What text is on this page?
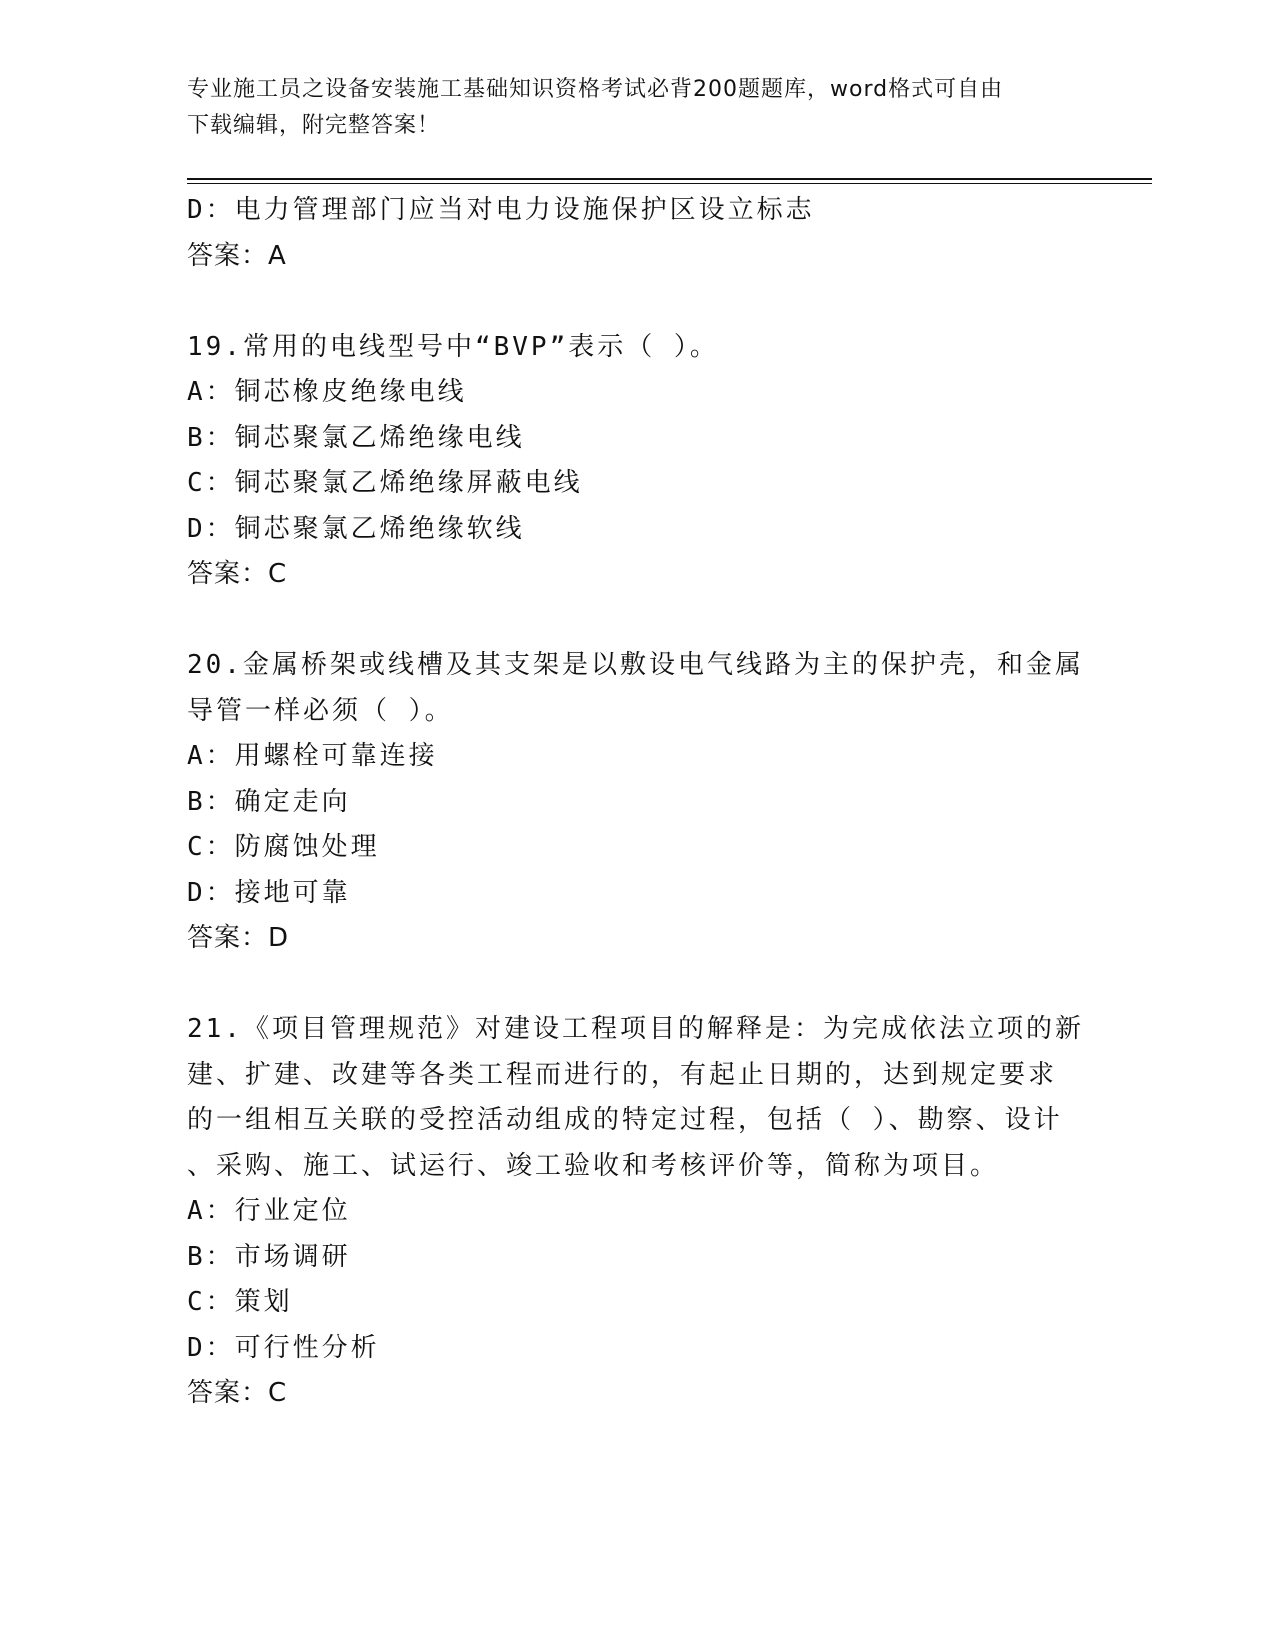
专业施工员之设备安装施工基础知识资格考试必背200题题库，word格式可自由
下载编辑，附完整答案！
D：电力管理部门应当对电力设施保护区设立标志
答案：A
19.常用的电线型号中“BVP”表示（ ）。
A：铜芯橡皮绝缘电线
B：铜芯聚氯乙烯绝缘电线
C：铜芯聚氯乙烯绝缘屏蔽电线
D：铜芯聚氯乙烯绝缘软线
答案：C
20.金属桥架或线槽及其支架是以敷设电气线路为主的保护壳，和金属
导管一样必须（ ）。
A：用螺栓可靠连接
B：确定走向
C：防腐蚀处理
D：接地可靠
答案：D
21.《项目管理规范》对建设工程项目的解释是：为完成依法立项的新
建、扩建、改建等各类工程而进行的，有起止日期的，达到规定要求
的一组相互关联的受控活动组成的特定过程，包括（ ）、勘察、设计
、采购、施工、试运行、竣工验收和考核评价等，简称为项目。
A：行业定位
B：市场调研
C：策划
D：可行性分析
答案：C
